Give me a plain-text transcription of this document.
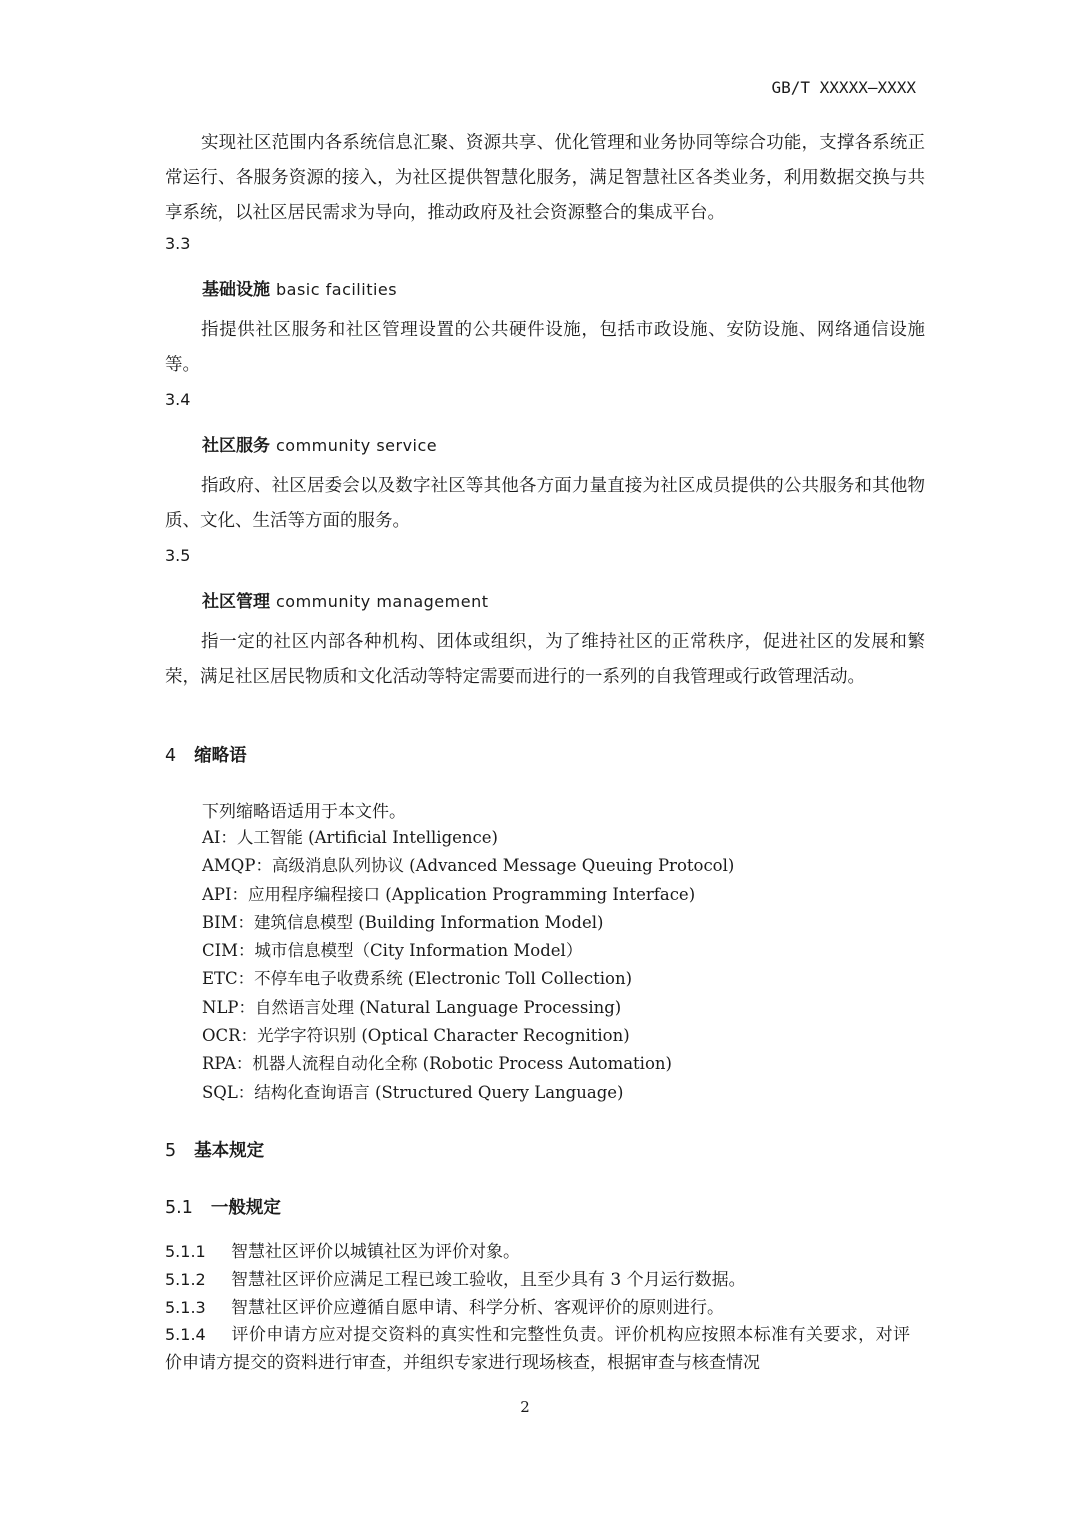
GB/T XXXXX—XXXX
实现社区范围内各系统信息汇聚、资源共享、优化管理和业务协同等综合功能，支撑各系统正常运行、各服务资源的接入，为社区提供智慧化服务，满足智慧社区各类业务，利用数据交换与共享系统，以社区居民需求为导向，推动政府及社会资源整合的集成平台。
3.3
基础设施 basic facilities
指提供社区服务和社区管理设置的公共硬件设施，包括市政设施、安防设施、网络通信设施等。
3.4
社区服务 community service
指政府、社区居委会以及数字社区等其他各方面力量直接为社区成员提供的公共服务和其他物质、文化、生活等方面的服务。
3.5
社区管理 community management
指一定的社区内部各种机构、团体或组织，为了维持社区的正常秩序，促进社区的发展和繁荣，满足社区居民物质和文化活动等特定需要而进行的一系列的自我管理或行政管理活动。
4 缩略语
下列缩略语适用于本文件。
AI：人工智能 (Artificial Intelligence)
AMQP：高级消息队列协议 (Advanced Message Queuing Protocol)
API：应用程序编程接口 (Application Programming Interface)
BIM：建筑信息模型 (Building Information Model)
CIM：城市信息模型（City Information Model）
ETC：不停车电子收费系统 (Electronic Toll Collection)
NLP：自然语言处理 (Natural Language Processing)
OCR：光学字符识别 (Optical Character Recognition)
RPA：机器人流程自动化全称 (Robotic Process Automation)
SQL：结构化查询语言 (Structured Query Language)
5 基本规定
5.1 一般规定
5.1.1 智慧社区评价以城镇社区为评价对象。
5.1.2 智慧社区评价应满足工程已竣工验收，且至少具有 3 个月运行数据。
5.1.3 智慧社区评价应遵循自愿申请、科学分析、客观评价的原则进行。
5.1.4 评价申请方应对提交资料的真实性和完整性负责。评价机构应按照本标准有关要求，对评价申请方提交的资料进行审查，并组织专家进行现场核查，根据审查与核查情况
2
